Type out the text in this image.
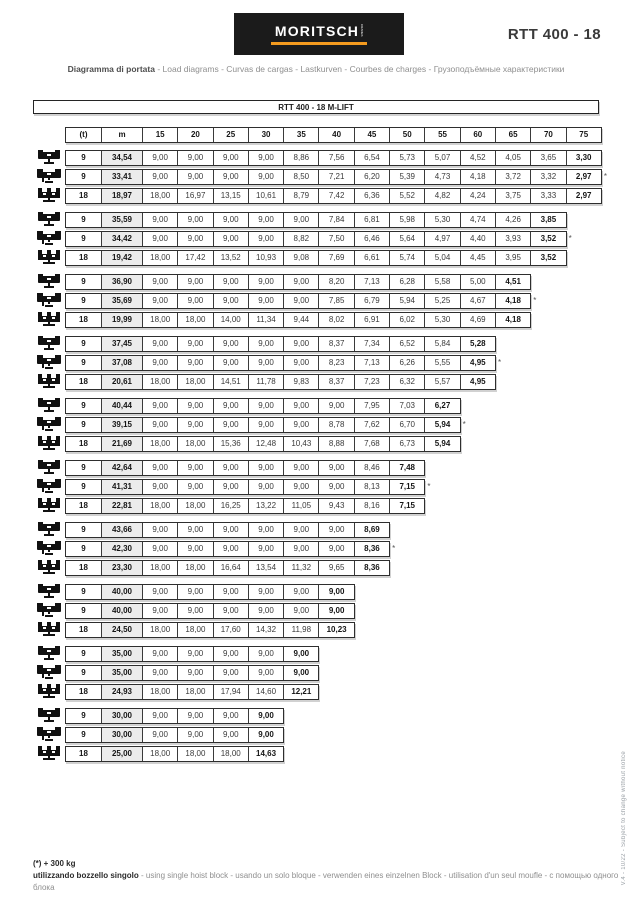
MORITSCH CRANES	RTT 400 - 18
Diagramma di portata - Load diagrams - Curvas de cargas - Lastkurven - Courbes de charges - Грузоподъёмные характеристики
RTT 400 - 18 M-LIFT
(t)	m	15	20	25	30	35	40	45	50	55	60	65	70	75
9	34,54	9,00	9,00	9,00	9,00	8,86	7,56	6,54	5,73	5,07	4,52	4,05	3,65	3,30
9	33,41	9,00	9,00	9,00	9,00	8,50	7,21	6,20	5,39	4,73	4,18	3,72	3,32	2,97	*
18	18,97	18,00	16,97	13,15	10,61	8,79	7,42	6,36	5,52	4,82	4,24	3,75	3,33	2,97
9	35,59	9,00	9,00	9,00	9,00	9,00	7,84	6,81	5,98	5,30	4,74	4,26	3,85
9	34,42	9,00	9,00	9,00	9,00	8,82	7,50	6,46	5,64	4,97	4,40	3,93	3,52	*
18	19,42	18,00	17,42	13,52	10,93	9,08	7,69	6,61	5,74	5,04	4,45	3,95	3,52
9	36,90	9,00	9,00	9,00	9,00	9,00	8,20	7,13	6,28	5,58	5,00	4,51
9	35,69	9,00	9,00	9,00	9,00	9,00	7,85	6,79	5,94	5,25	4,67	4,18	*
18	19,99	18,00	18,00	14,00	11,34	9,44	8,02	6,91	6,02	5,30	4,69	4,18
9	37,45	9,00	9,00	9,00	9,00	9,00	8,37	7,34	6,52	5,84	5,28
9	37,08	9,00	9,00	9,00	9,00	9,00	8,23	7,13	6,26	5,55	4,95	*
18	20,61	18,00	18,00	14,51	11,78	9,83	8,37	7,23	6,32	5,57	4,95
9	40,44	9,00	9,00	9,00	9,00	9,00	9,00	7,95	7,03	6,27
9	39,15	9,00	9,00	9,00	9,00	9,00	8,78	7,62	6,70	5,94	*
18	21,69	18,00	18,00	15,36	12,48	10,43	8,88	7,68	6,73	5,94
9	42,64	9,00	9,00	9,00	9,00	9,00	9,00	8,46	7,48
9	41,31	9,00	9,00	9,00	9,00	9,00	9,00	8,13	7,15	*
18	22,81	18,00	18,00	16,25	13,22	11,05	9,43	8,16	7,15
9	43,66	9,00	9,00	9,00	9,00	9,00	9,00	8,69
9	42,30	9,00	9,00	9,00	9,00	9,00	9,00	8,36	*
18	23,30	18,00	18,00	16,64	13,54	11,32	9,65	8,36
9	40,00	9,00	9,00	9,00	9,00	9,00	9,00
9	40,00	9,00	9,00	9,00	9,00	9,00	9,00
18	24,50	18,00	18,00	17,60	14,32	11,98	10,23
9	35,00	9,00	9,00	9,00	9,00	9,00
9	35,00	9,00	9,00	9,00	9,00	9,00
18	24,93	18,00	18,00	17,94	14,60	12,21
9	30,00	9,00	9,00	9,00	9,00
9	30,00	9,00	9,00	9,00	9,00
18	25,00	18,00	18,00	18,00	14,63
(*) + 300 kg
utilizzando bozzello singolo - using single hoist block - usando un solo bloque - verwenden eines einzelnen Block - utilisation d'un seul moufle - с помощью одного блока
V.4 - 10/22 - Subject to change without notice
